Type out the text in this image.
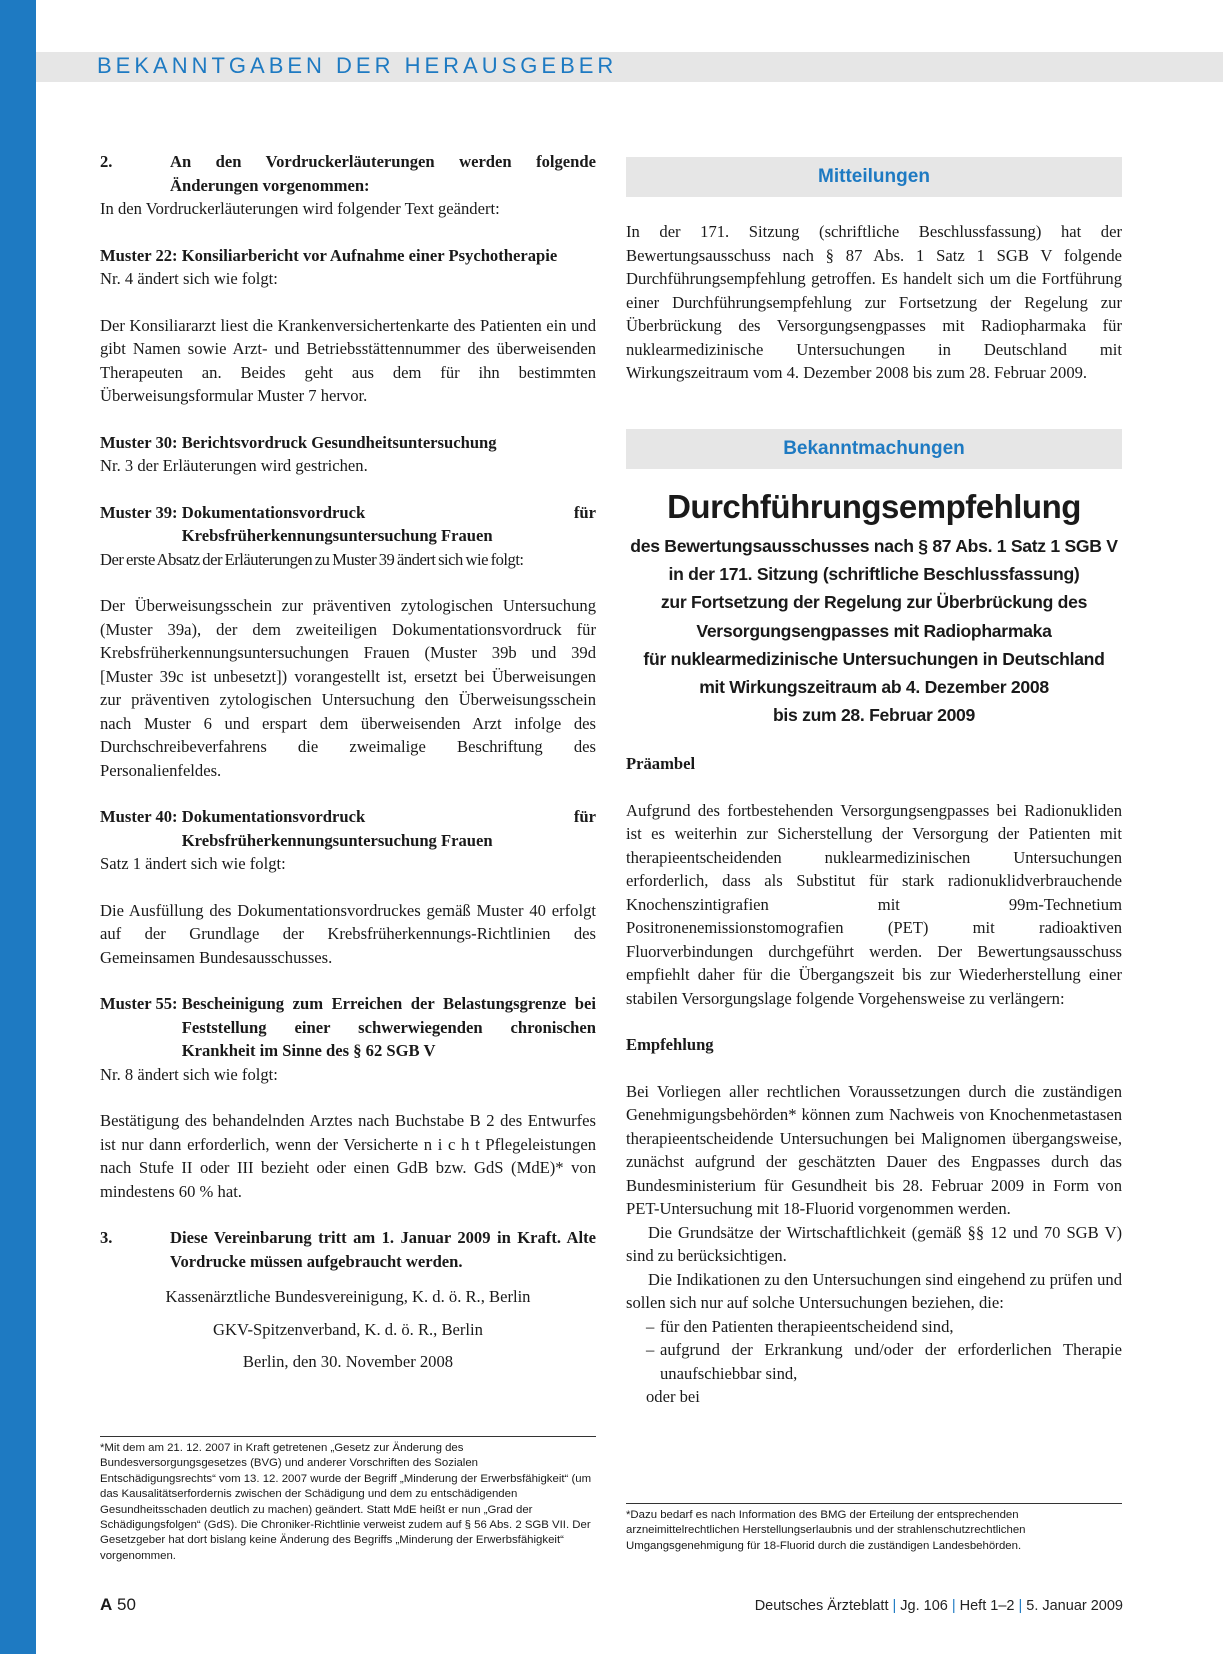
BEKANNTGABEN DER HERAUSGEBER
2.	An den Vordruckerläuterungen werden folgende Änderungen vorgenommen:

In den Vordruckerläuterungen wird folgender Text geändert:

Muster 22: Konsiliarbericht vor Aufnahme einer Psychotherapie

Nr. 4 ändert sich wie folgt:

Der Konsiliararzt liest die Krankenversichertenkarte des Patienten ein und gibt Namen sowie Arzt- und Betriebsstättennummer des überweisenden Therapeuten an. Beides geht aus dem für ihn bestimmten Überweisungsformular Muster 7 hervor.

Muster 30: Berichtsvordruck Gesundheitsuntersuchung

Nr. 3 der Erläuterungen wird gestrichen.

Muster 39: Dokumentationsvordruck für Krebsfrüherkennungsuntersuchung Frauen

Der erste Absatz der Erläuterungen zu Muster 39 ändert sich wie folgt:

Der Überweisungsschein zur präventiven zytologischen Untersuchung (Muster 39a), der dem zweiteiligen Dokumentationsvordruck für Krebsfrüherkennungsuntersuchungen Frauen (Muster 39b und 39d [Muster 39c ist unbesetzt]) vorangestellt ist, ersetzt bei Überweisungen zur präventiven zytologischen Untersuchung den Überweisungsschein nach Muster 6 und erspart dem überweisenden Arzt infolge des Durchschreibeverfahrens die zweimalige Beschriftung des Personalienfeldes.

Muster 40: Dokumentationsvordruck für Krebsfrüherkennungsuntersuchung Frauen

Satz 1 ändert sich wie folgt:

Die Ausfüllung des Dokumentationsvordruckes gemäß Muster 40 erfolgt auf der Grundlage der Krebsfrüherkennungs-Richtlinien des Gemeinsamen Bundesausschusses.

Muster 55: Bescheinigung zum Erreichen der Belastungsgrenze bei Feststellung einer schwerwiegenden chronischen Krankheit im Sinne des § 62 SGB V

Nr. 8 ändert sich wie folgt:

Bestätigung des behandelnden Arztes nach Buchstabe B 2 des Entwurfes ist nur dann erforderlich, wenn der Versicherte n i c h t Pflegeleistungen nach Stufe II oder III bezieht oder einen GdB bzw. GdS (MdE)* von mindestens 60 % hat.

3.	Diese Vereinbarung tritt am 1. Januar 2009 in Kraft. Alte Vordrucke müssen aufgebraucht werden.

Kassenärztliche Bundesvereinigung, K. d. ö. R., Berlin

GKV-Spitzenverband, K. d. ö. R., Berlin

Berlin, den 30. November 2008

*Mit dem am 21. 12. 2007 in Kraft getretenen „Gesetz zur Änderung des Bundesversorgungsgesetzes (BVG) und anderer Vorschriften des Sozialen Entschädigungsrechts“ vom 13. 12. 2007 wurde der Begriff „Minderung der Erwerbsfähigkeit“ (um das Kausalitätserfordernis zwischen der Schädigung und dem zu entschädigenden Gesundheitsschaden deutlich zu machen) geändert. Statt MdE heißt er nun „Grad der Schädigungsfolgen“ (GdS). Die Chroniker-Richtlinie verweist zudem auf § 56 Abs. 2 SGB VII. Der Gesetzgeber hat dort bislang keine Änderung des Begriffs „Minderung der Erwerbsfähigkeit“ vorgenommen.

Mitteilungen

In der 171. Sitzung (schriftliche Beschlussfassung) hat der Bewertungsausschuss nach § 87 Abs. 1 Satz 1 SGB V folgende Durchführungsempfehlung getroffen. Es handelt sich um die Fortführung einer Durchführungsempfehlung zur Fortsetzung der Regelung zur Überbrückung des Versorgungsengpasses mit Radiopharmaka für nuklearmedizinische Untersuchungen in Deutschland mit Wirkungszeitraum vom 4. Dezember 2008 bis zum 28. Februar 2009.

Bekanntmachungen
Durchführungsempfehlung
des Bewertungsausschusses nach § 87 Abs. 1 Satz 1 SGB V
in der 171. Sitzung (schriftliche Beschlussfassung)
zur Fortsetzung der Regelung zur Überbrückung des
Versorgungsengpasses mit Radiopharmaka
für nuklearmedizinische Untersuchungen in Deutschland
mit Wirkungszeitraum ab 4. Dezember 2008
bis zum 28. Februar 2009

Präambel

Aufgrund des fortbestehenden Versorgungsengpasses bei Radionukliden ist es weiterhin zur Sicherstellung der Versorgung der Patienten mit therapieentscheidenden nuklearmedizinischen Untersuchungen erforderlich, dass als Substitut für stark radionuklidverbrauchende Knochenszintigrafien mit 99m-Technetium Positronenemissionstomografien (PET) mit radioaktiven Fluorverbindungen durchgeführt werden. Der Bewertungsausschuss empfiehlt daher für die Übergangszeit bis zur Wiederherstellung einer stabilen Versorgungslage folgende Vorgehensweise zu verlängern:

Empfehlung

Bei Vorliegen aller rechtlichen Voraussetzungen durch die zuständigen Genehmigungsbehörden* können zum Nachweis von Knochenmetastasen therapieentscheidende Untersuchungen bei Malignomen übergangsweise, zunächst aufgrund der geschätzten Dauer des Engpasses durch das Bundesministerium für Gesundheit bis 28. Februar 2009 in Form von PET-Untersuchung mit 18-Fluorid vorgenommen werden.

Die Grundsätze der Wirtschaftlichkeit (gemäß §§ 12 und 70 SGB V) sind zu berücksichtigen.

Die Indikationen zu den Untersuchungen sind eingehend zu prüfen und sollen sich nur auf solche Untersuchungen beziehen, die:

– für den Patienten therapieentscheidend sind,
– aufgrund der Erkrankung und/oder der erforderlichen Therapie unaufschiebbar sind,

oder bei

*Dazu bedarf es nach Information des BMG der Erteilung der entsprechenden arzneimittelrechtlichen Herstellungserlaubnis und der strahlenschutzrechtlichen Umgangsgenehmigung für 18-Fluorid durch die zuständigen Landesbehörden.

A 50	Deutsches Ärzteblatt | Jg. 106 | Heft 1–2 | 5. Januar 2009
